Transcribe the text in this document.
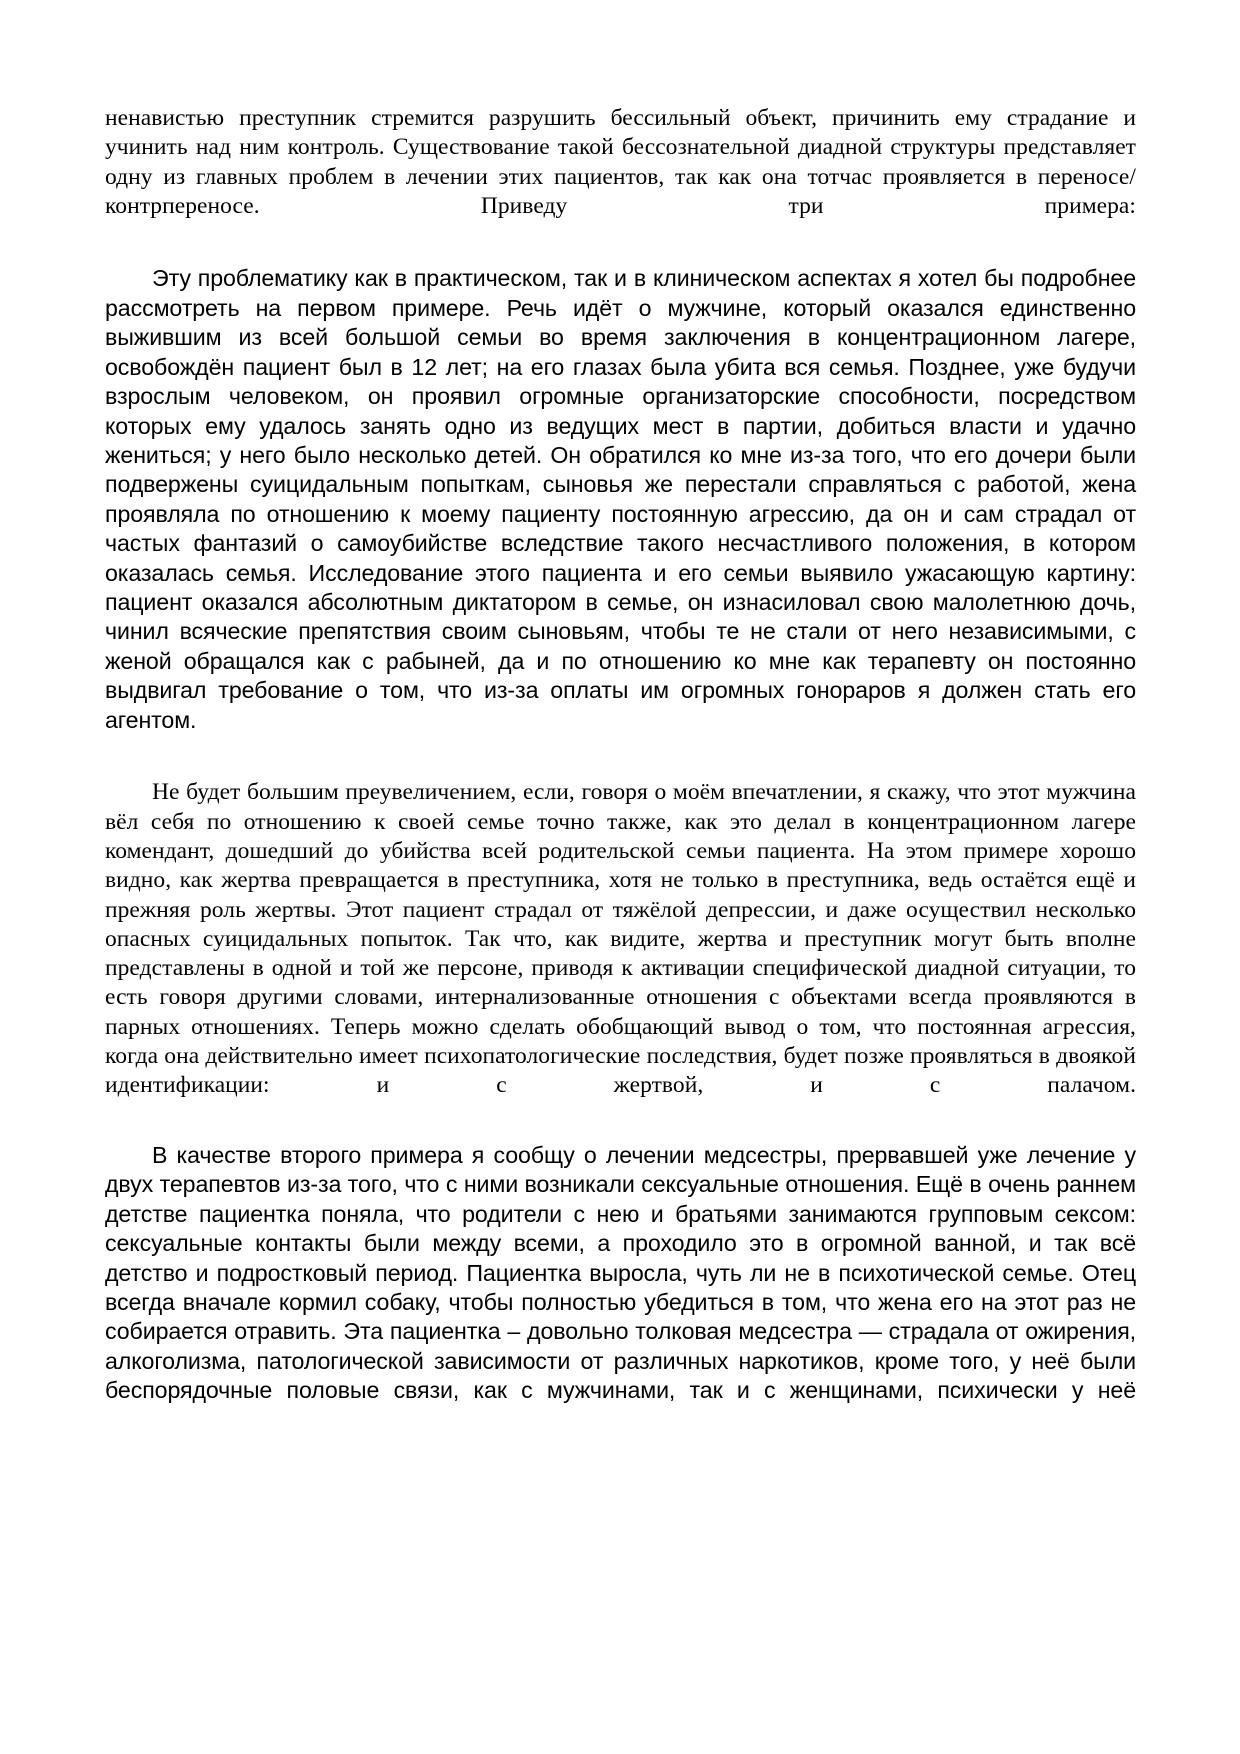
ненавистью преступник стремится разрушить бессильный объект, причинить ему страдание и учинить над ним контроль. Существование такой бессознательной диадной структуры представляет одну из главных проблем в лечении этих пациентов, так как она тотчас проявляется в переносе/контрпереносе. Приведу три примера:

Эту проблематику как в практическом, так и в клиническом аспектах я хотел бы подробнее рассмотреть на первом примере. Речь идёт о мужчине, который оказался единственно выжившим из всей большой семьи во время заключения в концентрационном лагере, освобождён пациент был в 12 лет; на его глазах была убита вся семья. Позднее, уже будучи взрослым человеком, он проявил огромные организаторские способности, посредством которых ему удалось занять одно из ведущих мест в партии, добиться власти и удачно жениться; у него было несколько детей. Он обратился ко мне из-за того, что его дочери были подвержены суицидальным попыткам, сыновья же перестали справляться с работой, жена проявляла по отношению к моему пациенту постоянную агрессию, да он и сам страдал от частых фантазий о самоубийстве вследствие такого несчастливого положения, в котором оказалась семья. Исследование этого пациента и его семьи выявило ужасающую картину: пациент оказался абсолютным диктатором в семье, он изнасиловал свою малолетнюю дочь, чинил всяческие препятствия своим сыновьям, чтобы те не стали от него независимыми, с женой обращался как с рабыней, да и по отношению ко мне как терапевту он постоянно выдвигал требование о том, что из-за оплаты им огромных гонораров я должен стать его агентом.

Не будет большим преувеличением, если, говоря о моём впечатлении, я скажу, что этот мужчина вёл себя по отношению к своей семье точно также, как это делал в концентрационном лагере комендант, дошедший до убийства всей родительской семьи пациента. На этом примере хорошо видно, как жертва превращается в преступника, хотя не только в преступника, ведь остаётся ещё и прежняя роль жертвы. Этот пациент страдал от тяжёлой депрессии, и даже осуществил несколько опасных суицидальных попыток. Так что, как видите, жертва и преступник могут быть вполне представлены в одной и той же персоне, приводя к активации специфической диадной ситуации, то есть говоря другими словами, интернализованные отношения с объектами всегда проявляются в парных отношениях. Теперь можно сделать обобщающий вывод о том, что постоянная агрессия, когда она действительно имеет психопатологические последствия, будет позже проявляться в двоякой идентификации: и с жертвой, и с палачом.

В качестве второго примера я сообщу о лечении медсестры, прервавшей уже лечение у двух терапевтов из-за того, что с ними возникали сексуальные отношения. Ещё в очень раннем детстве пациентка поняла, что родители с нею и братьями занимаются групповым сексом: сексуальные контакты были между всеми, а проходило это в огромной ванной, и так всё детство и подростковый период. Пациентка выросла, чуть ли не в психотической семье. Отец всегда вначале кормил собаку, чтобы полностью убедиться в том, что жена его на этот раз не собирается отравить. Эта пациентка – довольно толковая медсестра — страдала от ожирения, алкоголизма, патологической зависимости от различных наркотиков, кроме того, у неё были беспорядочные половые связи, как с мужчинами, так и с женщинами, психически у неё
